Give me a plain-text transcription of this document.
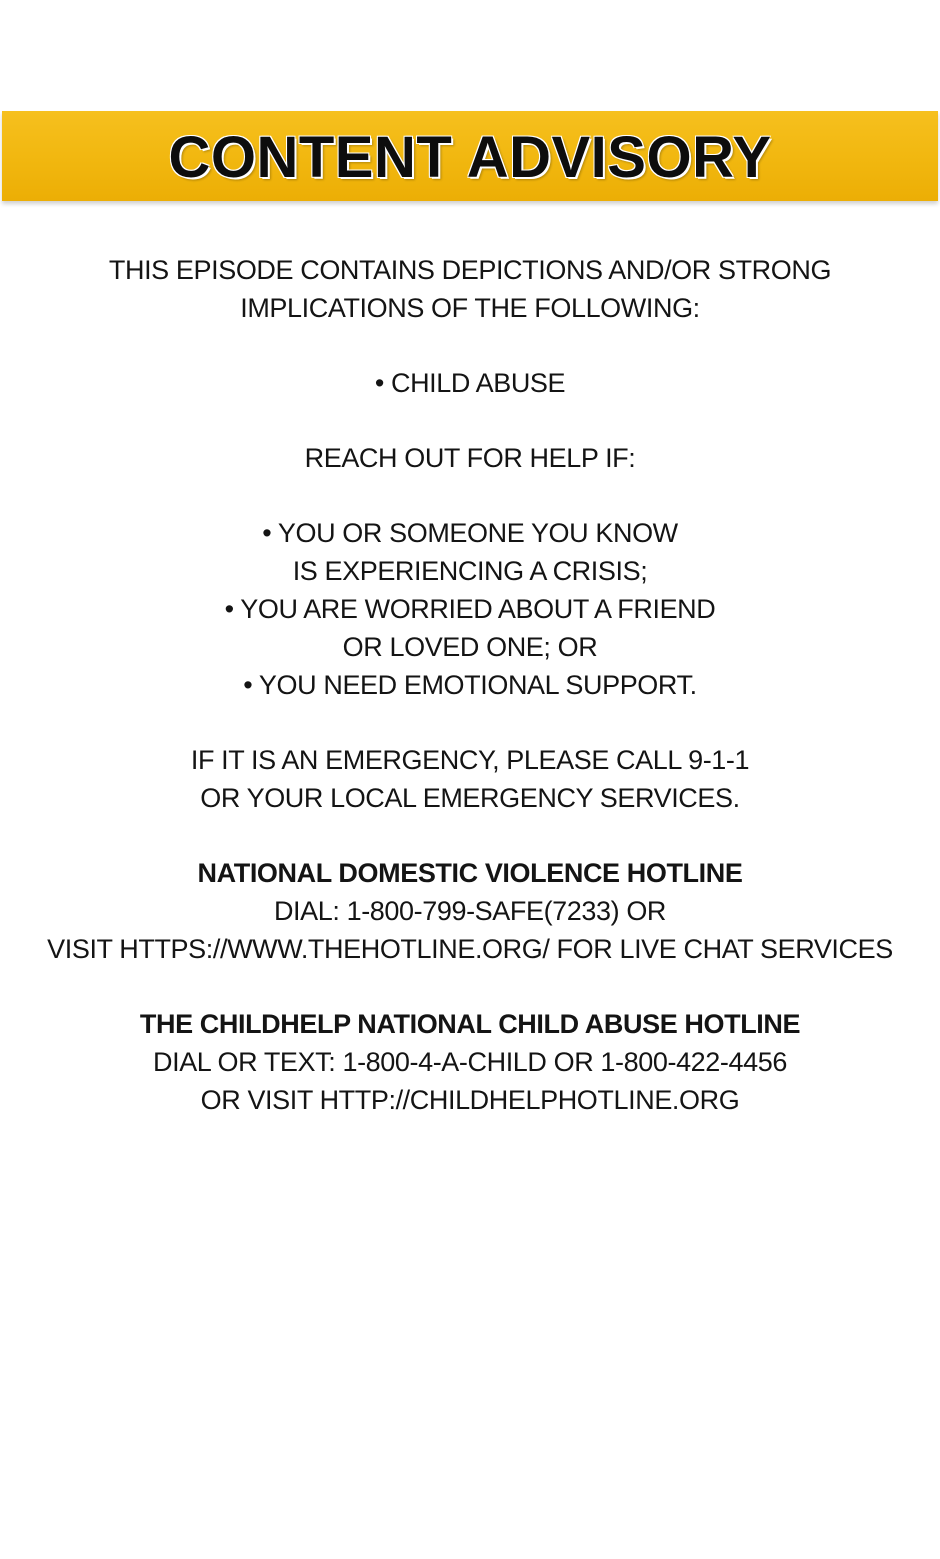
CONTENT ADVISORY

THIS EPISODE CONTAINS DEPICTIONS AND/OR STRONG

IMPLICATIONS OF THE FOLLOWING:

• CHILD ABUSE

REACH OUT FOR HELP IF:

• YOU OR SOMEONE YOU KNOW

IS EXPERIENCING A CRISIS;

• YOU ARE WORRIED ABOUT A FRIEND

OR LOVED ONE; OR

• YOU NEED EMOTIONAL SUPPORT.

IF IT IS AN EMERGENCY, PLEASE CALL 9-1-1

OR YOUR LOCAL EMERGENCY SERVICES.

NATIONAL DOMESTIC VIOLENCE HOTLINE

DIAL: 1-800-799-SAFE(7233) OR

VISIT HTTPS://WWW.THEHOTLINE.ORG/ FOR LIVE CHAT SERVICES

THE CHILDHELP NATIONAL CHILD ABUSE HOTLINE

DIAL OR TEXT: 1-800-4-A-CHILD OR 1-800-422-4456

OR VISIT HTTP://CHILDHELPHOTLINE.ORG
